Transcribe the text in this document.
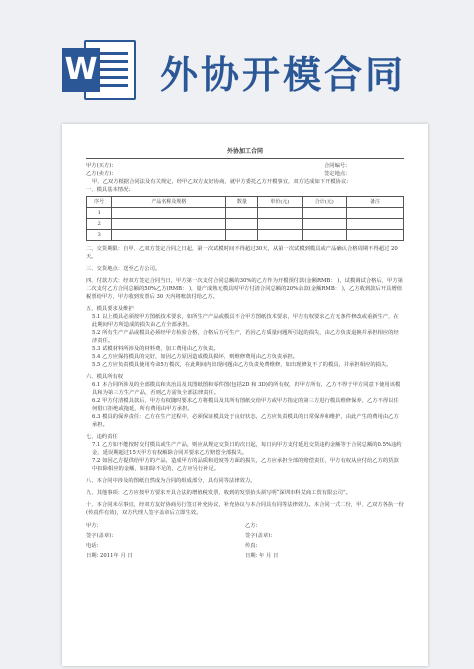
W 外协开模合同
外协加工合同
甲方(买方):	合同编号:
乙方(卖方):	签定地点:

甲、乙双方根据合同法及有关规定，经甲乙双方友好协商，就甲方委托乙方开模事宜，双方达成如下开模协议:

一、模具基本情况:

序号	产品名称及规格	数量	单价(元)	合计(元)	备注
1					
2					
3					

二、交货期限：自甲、乙双方签定合同之日起，第一次试模时间不得超过30天，从第一次试模到模具或产品确认合格周期不得超过 20天。

三、交货地点：送至乙方公司。

四、付款方式：经双方签定合同当日，甲方第一次支付合同总额的30%的乙方作为开模预付款(金额RMB： )，试模调试合格后，甲方第二次支付乙方合同总额的50%乙方(RMB： )，量产成熟无模具时甲方付清合同总额的20%余款(金额RMB： )，乙方收到款后开具增值税票给甲方，甲方收到发票后 30 天内将账款付给乙方。

五、模具要求及维护

5.1 以上模具必须按甲方图纸技术要求，如所生产产品或模具不合甲方图纸技术要求，甲方有权要求乙方无条件修改或重新生产，在此期间甲方所造成的损失由乙方全部承担。

5.2 所有生产产品或模具必须经甲方检验合格，合格后方可生产，若因乙方质量问题所引起的损失，由乙方负责退换并承担相应的经济责任。

5.3 试模材料所涉及的材料费，加工费用由乙方负责。

5.4 乙方应保持模具的完好，如因乙方原因造成模具损坏，则维修费用由乙方负责承担。

5.5 乙方应负责模具使用寿命5万模次，在此期间内出现问题由乙方负责免费维修，如出现修复不了的模具，并承担相应的损失。

六、模具所有权

6.1 本合同所涉及的全部模具和夹治具及其图纸图和零件图(包括2D 和 3D)的所有权，归甲方所有，乙方不得于甲方同意下使用该模具和为第三方生产产品，否则乙方需负全部法律责任。

6.2 甲方付清模具款后，甲方有权随时要求乙方将模具及其所有图纸交给甲方或甲方指定的第三方进行模具维修保养，乙方不得以任何借口拒绝或拖延，所有费用由甲方承担。

6.3 模具的保养责任：乙方在生产过程中，必须保证模具处于良好状态，乙方应负责模具的日常保养和维护，由此产生的费用由乙方承担。

七、违约责任

7.1 乙方如不能按时交付模具或生产产品，则应从规定交货日的次日起，每日向甲方支付延迟交货违约金额等于合同总额的0.5%违约金，延误期超过15天甲方有权解除合同并要求乙方赔偿全部损失。

7.2 如因乙方提供给甲方的产品，造成甲方的品质和进度等方面的损失，乙方应承担全部的赔偿责任，甲方有权从应付给乙方的货款中扣除相应的金额，如扣除不足的，乙方应另行补足。

八、本合同中涉及的图纸自然成为合同的组成部分，具有同等法律效力。

九、其他事项：乙方应按甲方要求开具合法的增值税发票，收到的发票抬头须写明“深圳市科艾商工贸有限公司”。

十、本合同未尽事宜，经双方友好协商另行签订补充协议，补充协议与本合同具有同等法律效力。本合同一式二份，甲、乙双方各执一份(传真件有效)，双方代理人签字盖章后立即生效。

甲方:	乙方:
签字(盖章):	签字(盖章):
电话:	传真:
日期: 2011年 月 日	日期: 年 月 日
